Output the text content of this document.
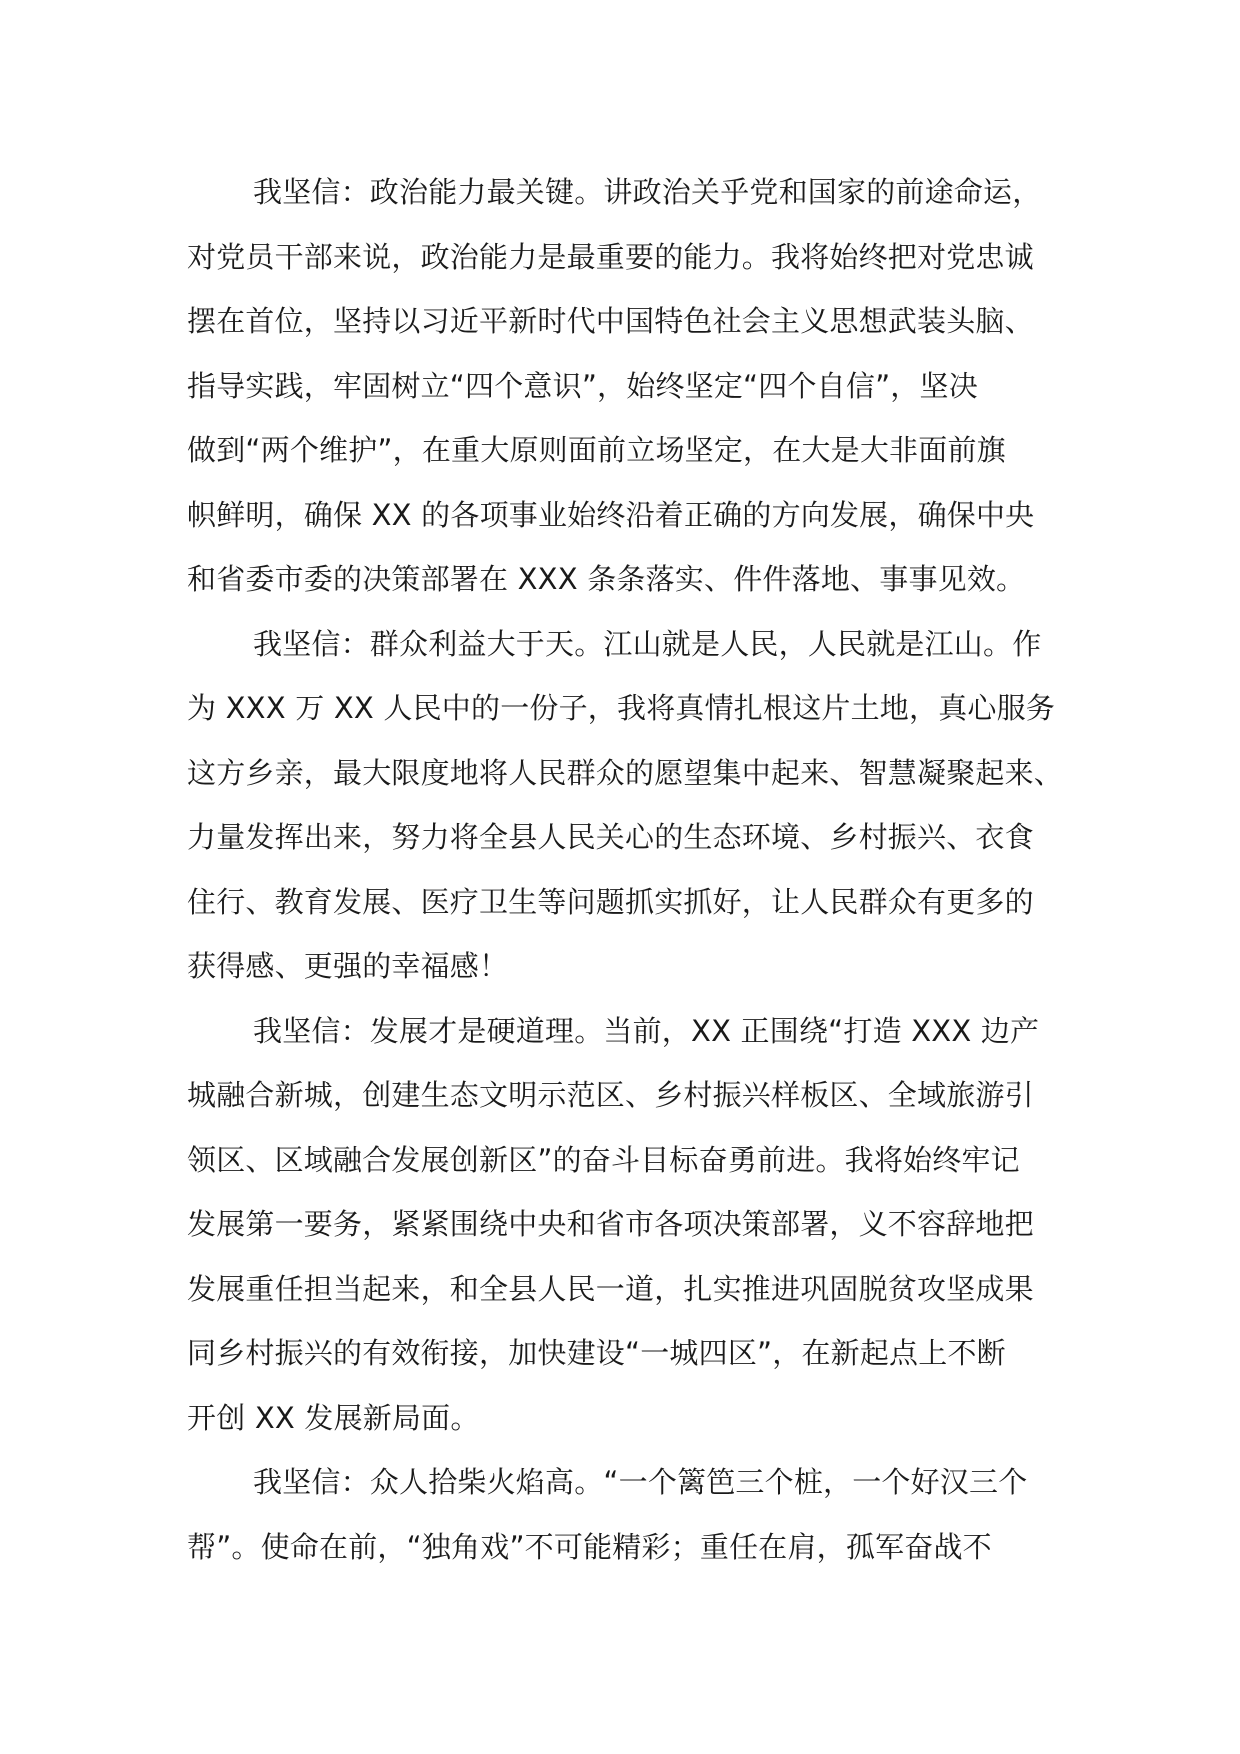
我坚信：政治能力最关键。讲政治关乎党和国家的前途命运，
对党员干部来说，政治能力是最重要的能力。我将始终把对党忠诚
摆在首位，坚持以习近平新时代中国特色社会主义思想武装头脑、
指导实践，牢固树立“四个意识”，始终坚定“四个自信”，坚决
做到“两个维护”，在重大原则面前立场坚定，在大是大非面前旗
帜鲜明，确保 XX 的各项事业始终沿着正确的方向发展，确保中央
和省委市委的决策部署在 XXX 条条落实、件件落地、事事见效。
我坚信：群众利益大于天。江山就是人民，人民就是江山。作
为 XXX 万 XX 人民中的一份子，我将真情扎根这片土地，真心服务
这方乡亲，最大限度地将人民群众的愿望集中起来、智慧凝聚起来、
力量发挥出来，努力将全县人民关心的生态环境、乡村振兴、衣食
住行、教育发展、医疗卫生等问题抓实抓好，让人民群众有更多的
获得感、更强的幸福感！
我坚信：发展才是硬道理。当前，XX 正围绕“打造 XXX 边产
城融合新城，创建生态文明示范区、乡村振兴样板区、全域旅游引
领区、区域融合发展创新区”的奋斗目标奋勇前进。我将始终牢记
发展第一要务，紧紧围绕中央和省市各项决策部署，义不容辞地把
发展重任担当起来，和全县人民一道，扎实推进巩固脱贫攻坚成果
同乡村振兴的有效衔接，加快建设“一城四区”，在新起点上不断
开创 XX 发展新局面。
我坚信：众人拾柴火焰高。“一个篱笆三个桩，一个好汉三个
帮”。使命在前，“独角戏”不可能精彩；重任在肩，孤军奋战不
